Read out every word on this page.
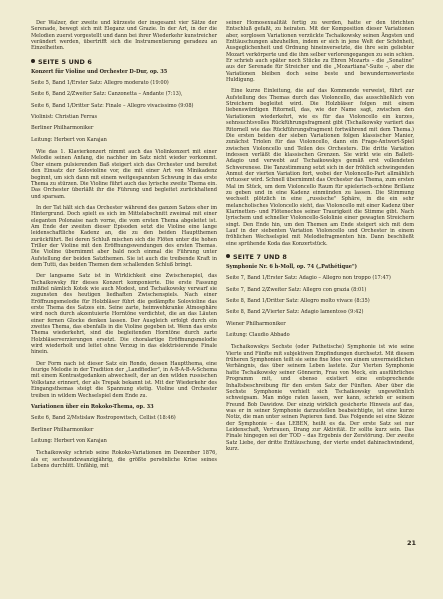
Der Walzer, der zweite und kürzeste der insgesamt vier Sätze der Serenade, bewegt sich mit Eleganz und Grazie. In der Art, in der die Melodien zuerst vorgestellt und dann bei ihrer Wiederkehr kunstreicher verändert werden, übertrifft sich die Instrumentierung geradezu an Einzelheiten.

SEITE 5 UND 6

Konzert für Violine und Orchester D-Dur, op. 35

Seite 5, Band 1/Erster Satz: Allegro moderato (19:00)

Seite 6, Band 2/Zweiter Satz: Canzonetta – Andante (7:13),

Seite 6, Band 1/Dritter Satz: Finale – Allegro vivacissimo (9:08)

Violinist: Christian Ferras

Berliner Philharmoniker

Leitung: Herbert von Karajan

Wie das 1. Klavierkonzert nimmt auch das Violinkonzert mit einer Melodie seinen Anfang, die nachher im Satz nicht wieder vorkommt. Über einem pulsierenden Baß steigert sich das Orchester und bereitet den Einsatz der Solovioline vor, die mit einer Art von Minikadenz beginnt, um sich dann mit einem weitgespannten Schwung in das erste Thema zu stürzen. Die Violine führt auch das lyrische zweite Thema ein. Das Orchester überläßt ihr die Führung und begleitet zurückhaltend und sparsam.

In der Tat hält sich das Orchester während des ganzen Satzes eher im Hintergrund. Doch spielt es sich im Mittelabschnitt zweimal mit einer eleganten Polonaise nach vorne, die vom ersten Thema abgeleitet ist. Am Ende der zweiten dieser Episoden setzt die Violine eine lange leidenschaftliche Kadenz an, die zu den beiden Hauptthemen zurückführt. Bei deren Schluß mischen sich die Flöten unter die hohen Triller der Violine mit den Eröffnungswendungen des ersten Themas. Die Violine übernimmt aber bald noch einmal die Führung unter Aufstellung der beiden Satzthemen. Sie ist auch die treibende Kraft in dem Tutti, das beiden Themen dem schallenden Schluß bringt.

Der langsame Satz ist in Wirklichkeit eine Zwischenspiel, das Tschaikowsky für dieses Konzert komponierte. Die erste Fassung mißfiel nämlich Kotek wie auch Modest, und Tschaikowsky verwarf sie zugunsten des heutigen liedhaften Zwischenspiels. Nach einer Eröffnungsmelodie für Holzbläser führt die gedämpfte Solovioline das erste Thema des Satzes ein. Seine zarte, heimwehkranke Atmosphäre wird noch durch akzentuierte Horntöne verdichtet, die an das Läuten einer fernen Glocke denken lassen. Der Ausgleich erfolgt durch ein zweites Thema, das ebenfalls in die Violine gegeben ist. Wenn das erste Thema wiederkehrt, sind die begleitenden Horntöne durch zarte Holzbläserverzierungen ersetzt. Die choralartige Eröffnungsmelodie wird wiederholt und leitet ohne Verzug in das elektrisierende Finale hinein.

Der Form nach ist dieser Satz ein Rondo, dessen Hauptthema, eine feurige Melodie in der Tradition der „Landfiedler", in A-B-A-B-A-Schema mit einem Kontrastgedanken abwechselt, der an den wilden russischen Volkstanz erinnert, der als Trepak bekannt ist. Mit der Wiederkehr des Eingangsthemas steigt die Spannung stetig. Violine und Orchester treiben in wildem Wechselspiel dem Ende zu.

Variationen über ein Rokoko-Thema, op. 33

Seite 6, Band 2/Mstislaw Rostropowitsch, Cellist (18:46)

Berliner Philharmoniker

Leitung: Herbert von Karajan

Tschaikowsky schrieb seine Rokoko-Variationen im Dezember 1876, als er, sechsundzwanzigjährig, die größte persönliche Krise seines Lebens durchlitt. Unfähig, mit

seiner Homosexualität fertig zu werden, hatte er den törichten Entschluß gefaßt, zu heiraten. Mit der Komposition dieser Variationen aber, sorglosen Variationen verzückte Tschaikowsky seinen Ängsten und Enttäuschungen abzuhelfen, indem er sich in jene Welt der Schönheit, Ausgeglichenheit und Ordnung hineinversetzte, die ihre sein geliebter Mozart verkörperte und die ihm selber verlorengegangen zu sein schien. Er schrieb auch später noch Stücke zu Ehren Mozarts – die „Sonatine" aus der Serenade für Streicher und die „Mozartiana"-Suite –, aber die Variationen bleiben doch seine beste und bewundernswerteste Huldigung.

Eine kurze Einleitung, die auf das Kommende verweist, führt zur Aufstellung des Themas durch das Violoncello, das ausschließlich von Streichern begleitet wird. Die Holzbläser folgen mit einem liebenswürdigen Ritornell, das, wie der Name sagt, zwischen den Variationen wiederkehrt, wie es für das Violoncello ein kurzes, sehnsuchtsvolles Rückführungsfragment gibt (Tschaikowsky variiert das Ritornell wie das Rückführungsfragment fortwährend mit dem Thema.) Die ersten beiden der sieben Variationen folgen klassischer Manier, zunächst Triolen für das Violoncello, dann ein Frage-Antwort-Spiel zwischen Violoncello und Teilen des Orchesters. Die dritte Variation indessen verläßt die klassischen Grenzen. Sie wirkt wie ein Ballett-Adagio und verwebt auf Tschaikowskys gemäß erst vollendeten Schwerenese. Die Tanzstimmung setzt sich in der fröhlich schwingenden Anmut der vierten Variation fort, wobei der Violoncello-Part allmählich virtuoser wird. Schnell übernimmt das Orchester das Thema, zum ersten Mal im Stück, um dem Violoncello Raum für spielerisch-schöne Brillanz zu geben und in eine Kadenz einmünden zu lassen. Die Stimmung wechselt plötzlich in eine „russische" Sphäre, in die ein sehr melancholisches Violoncello sieht, das Violoncello mit einer Kadenz über Klarinetten- und Flötenechos seiner Traurigkeit die Stimme gibt. Nach lyrischem und schneller Violoncello-Sololinie einer gewagten Streichern singt. Den Ende hin, um den Themen am Ende steigert sich mit dem Lauf in der siebenten Variation Violoncello und Orchester in einem fröhlichen Wechselspiel mit Melodiefragmenten hin. Dann beschließt eine sprühende Koda das Konzertstück.

SEITE 7 UND 8

Symphonie Nr. 6 h-Moll, op. 74 („Pathétique")

Seite 7, Band 1/Erster Satz: Adagio – Allegro non troppo (17:47)

Seite 7, Band 2/Zweiter Satz: Allegro con grazia (8:01)

Seite 8, Band 1/Dritter Satz: Allegro molto vivace (8:35)

Seite 8, Band 2/Vierter Satz: Adagio lamentoso (9:42)

Wiener Philharmoniker

Leitung: Claudio Abbado

Tschaikowskys Sechste (oder Pathetische) Symphonie ist wie seine Vierte und Fünfte mit subjektiven Empfindungen durchsetzt. Mit diesem früheren Symphonien teilt sie seine fixe Idee von einem unvermeidlichen Verhängnis, das über seinem Leben lastete. Zur Vierten Symphonie hatte Tschaikowsky seiner Gönnerin, Frau von Meck, ein ausführliches Programm mit, und ebenso existiert eine entsprechende Inhaltsbeschreibung für den ersten Satz der Fünften. Aber über die Sechste Symphonie verhielt sich Tschaikowsky ungewöhnlich schweigsam. Man möge raten lassen, wer kann, schrieb er seinem Freund Bob Dawidow. Der einzig wirklich gesicherte Hinweis auf das, was er in seiner Symphonie darzustellen beabsichtigte, ist eine kurze Notiz, die man unter seinen Papieren fand. Das Folgende sei eine Skizze der Symphonie – das LEBEN, heißt es da. Der erste Satz sei nur Leidenschaft, Vertrauen, Drang zur Aktivität. Er sollte kurz sein. Das Finale hingegen sei der TOD – das Ergebnis der Zerstörung. Der zweite Satz Liebe, der dritte Enttäuschung, der vierte endet dahinschwindend, kurz.

21
